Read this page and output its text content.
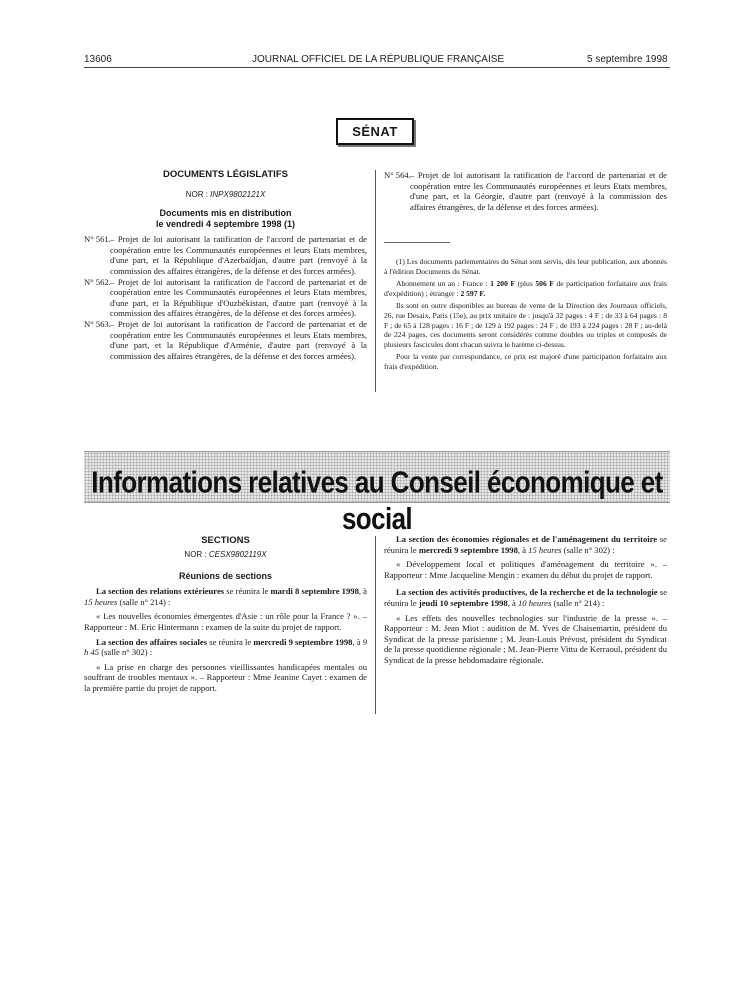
13606	JOURNAL OFFICIEL DE LA RÉPUBLIQUE FRANÇAISE	5 septembre 1998
SÉNAT
DOCUMENTS LÉGISLATIFS
NOR : INPX9802121X
Documents mis en distribution
le vendredi 4 septembre 1998 (1)

N° 561. – Projet de loi autorisant la ratification de l'accord de partenariat et de coopération entre les Communautés européennes et leurs Etats membres, d'une part, et la République d'Azerbaïdjan, d'autre part (renvoyé à la commission des affaires étrangères, de la défense et des forces armées).

N° 562. – Projet de loi autorisant la ratification de l'accord de partenariat et de coopération entre les Communautés européennes et leurs Etats membres, d'une part, et la République d'Ouzbékistan, d'autre part (renvoyé à la commission des affaires étrangères, de la défense et des forces armées).

N° 563. – Projet de loi autorisant la ratification de l'accord de partenariat et de coopération entre les Communautés européennes et leurs Etats membres, d'une part, et la République d'Arménie, d'autre part (renvoyé à la commission des affaires étrangères, de la défense et des forces armées).

N° 564. – Projet de loi autorisant la ratification de l'accord de partenariat et de coopération entre les Communautés européennes et leurs Etats membres, d'une part, et la Géorgie, d'autre part (renvoyé à la commission des affaires étrangères, de la défense et des forces armées).

(1) Les documents parlementaires du Sénat sont servis, dès leur publication, aux abonnés à l'édition Documents du Sénat.

Abonnement un an : France : 1 200 F (plus 506 F de participation forfaitaire aux frais d'expédition) ; étranger : 2 597 F.

Ils sont en outre disponibles au bureau de vente de la Direction des Journaux officiels, 26, rue Desaix, Paris (15e), au prix unitaire de : jusqu'à 32 pages : 4 F ; de 33 à 64 pages : 8 F ; de 65 à 128 pages : 16 F ; de 129 à 192 pages : 24 F ; de 193 à 224 pages : 28 F ; au-delà de 224 pages, ces documents seront considérés comme doubles ou triples et composés de plusieurs fascicules dont chacun suivra le barème ci-dessus.

Pour la vente par correspondance, ce prix est majoré d'une participation forfaitaire aux frais d'expédition.

Informations relatives au Conseil économique et social
SECTIONS
NOR : CESX9802119X
Réunions de sections

La section des relations extérieures se réunira le mardi 8 septembre 1998, à 15 heures (salle n° 214) :

« Les nouvelles économies émergentes d'Asie : un rôle pour la France ? ». – Rapporteur : M. Eric Hintermann : examen de la suite du projet de rapport.

La section des affaires sociales se réunira le mercredi 9 septembre 1998, à 9 h 45 (salle n° 302) :

« La prise en charge des personnes vieillissantes handicapées mentales ou souffrant de troubles mentaux ». – Rapporteur : Mme Jeanine Cayet : examen de la première partie du projet de rapport.

La section des économies régionales et de l'aménagement du territoire se réunira le mercredi 9 septembre 1998, à 15 heures (salle n° 302) :

« Développement local et politiques d'aménagement du territoire ». – Rapporteur : Mme Jacqueline Mengin : examen du début du projet de rapport.

La section des activités productives, de la recherche et de la technologie se réunira le jeudi 10 septembre 1998, à 10 heures (salle n° 214) :

« Les effets des nouvelles technologies sur l'industrie de la presse ». – Rapporteur : M. Jean Miot : audition de M. Yves de Chaisemartin, président du Syndicat de la presse parisienne ; M. Jean-Louis Prévost, président du Syndicat de la presse quotidienne régionale ; M. Jean-Pierre Vittu de Kerraoul, président du Syndicat de la presse hebdomadaire régionale.
